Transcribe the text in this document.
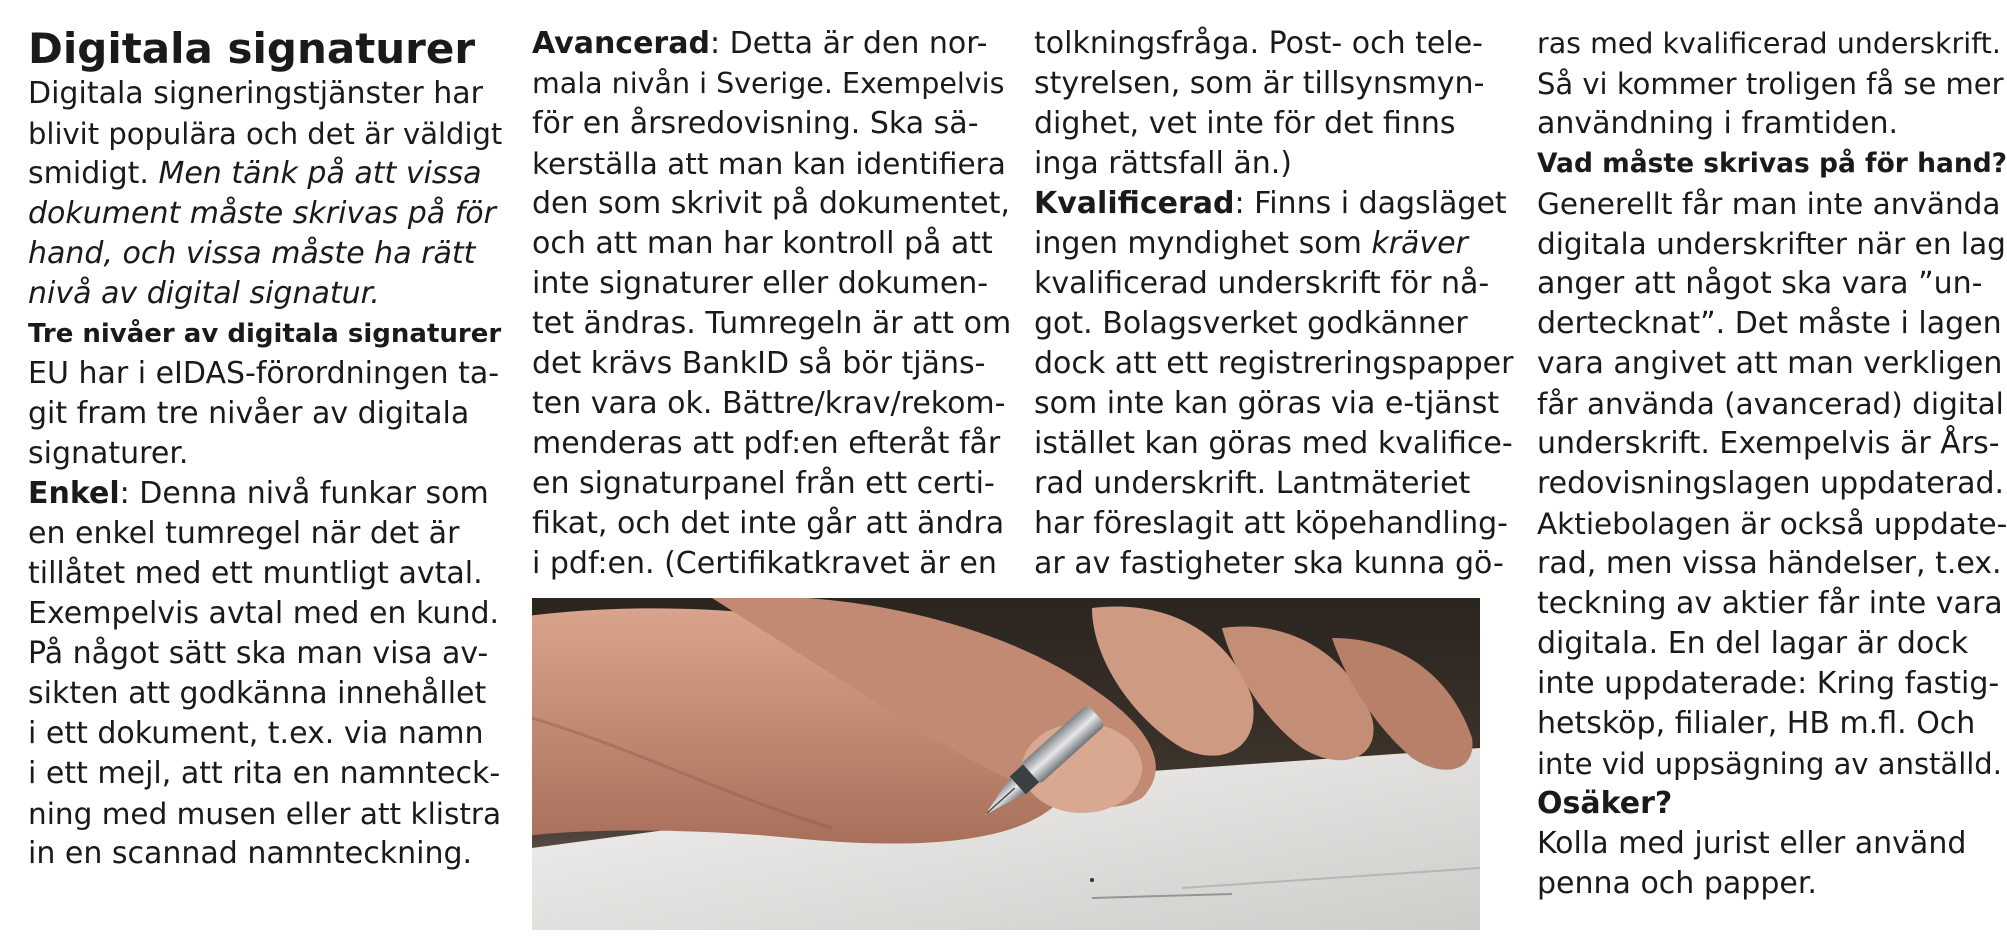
Digitala signaturer
Digitala signeringstjänster har
blivit populära och det är väldigt
smidigt. Men tänk på att vissa
dokument måste skrivas på för
hand, och vissa måste ha rätt
nivå av digital signatur.
Tre nivåer av digitala signaturer
EU har i eIDAS-förordningen ta-
git fram tre nivåer av digitala
signaturer.
Enkel: Denna nivå funkar som
en enkel tumregel när det är
tillåtet med ett muntligt avtal.
Exempelvis avtal med en kund.
På något sätt ska man visa av-
sikten att godkänna innehållet
i ett dokument, t.ex. via namn
i ett mejl, att rita en namnteck-
ning med musen eller att klistra
in en scannad namnteckning.
Avancerad: Detta är den nor-
mala nivån i Sverige. Exempelvis
för en årsredovisning. Ska sä-
kerställa att man kan identifiera
den som skrivit på dokumentet,
och att man har kontroll på att
inte signaturer eller dokumen-
tet ändras. Tumregeln är att om
det krävs BankID så bör tjäns-
ten vara ok. Bättre/krav/rekom-
menderas att pdf:en efteråt får
en signaturpanel från ett certi-
fikat, och det inte går att ändra
i pdf:en. (Certifikatkravet är en
tolkningsfråga. Post- och tele-
styrelsen, som är tillsynsmyn-
dighet, vet inte för det finns
inga rättsfall än.)
Kvalificerad: Finns i dagsläget
ingen myndighet som kräver
kvalificerad underskrift för nå-
got. Bolagsverket godkänner
dock att ett registreringspapper
som inte kan göras via e-tjänst
istället kan göras med kvalifice-
rad underskrift. Lantmäteriet
har föreslagit att köpehandling-
ar av fastigheter ska kunna gö-
ras med kvalificerad underskrift.
Så vi kommer troligen få se mer
användning i framtiden.
Vad måste skrivas på för hand?
Generellt får man inte använda
digitala underskrifter när en lag
anger att något ska vara ”un-
dertecknat”. Det måste i lagen
vara angivet att man verkligen
får använda (avancerad) digital
underskrift. Exempelvis är Års-
redovisningslagen uppdaterad.
Aktiebolagen är också uppdate-
rad, men vissa händelser, t.ex.
teckning av aktier får inte vara
digitala. En del lagar är dock
inte uppdaterade: Kring fastig-
hetsköp, filialer, HB m.fl. Och
inte vid uppsägning av anställd.
Osäker?
Kolla med jurist eller använd
penna och papper.
